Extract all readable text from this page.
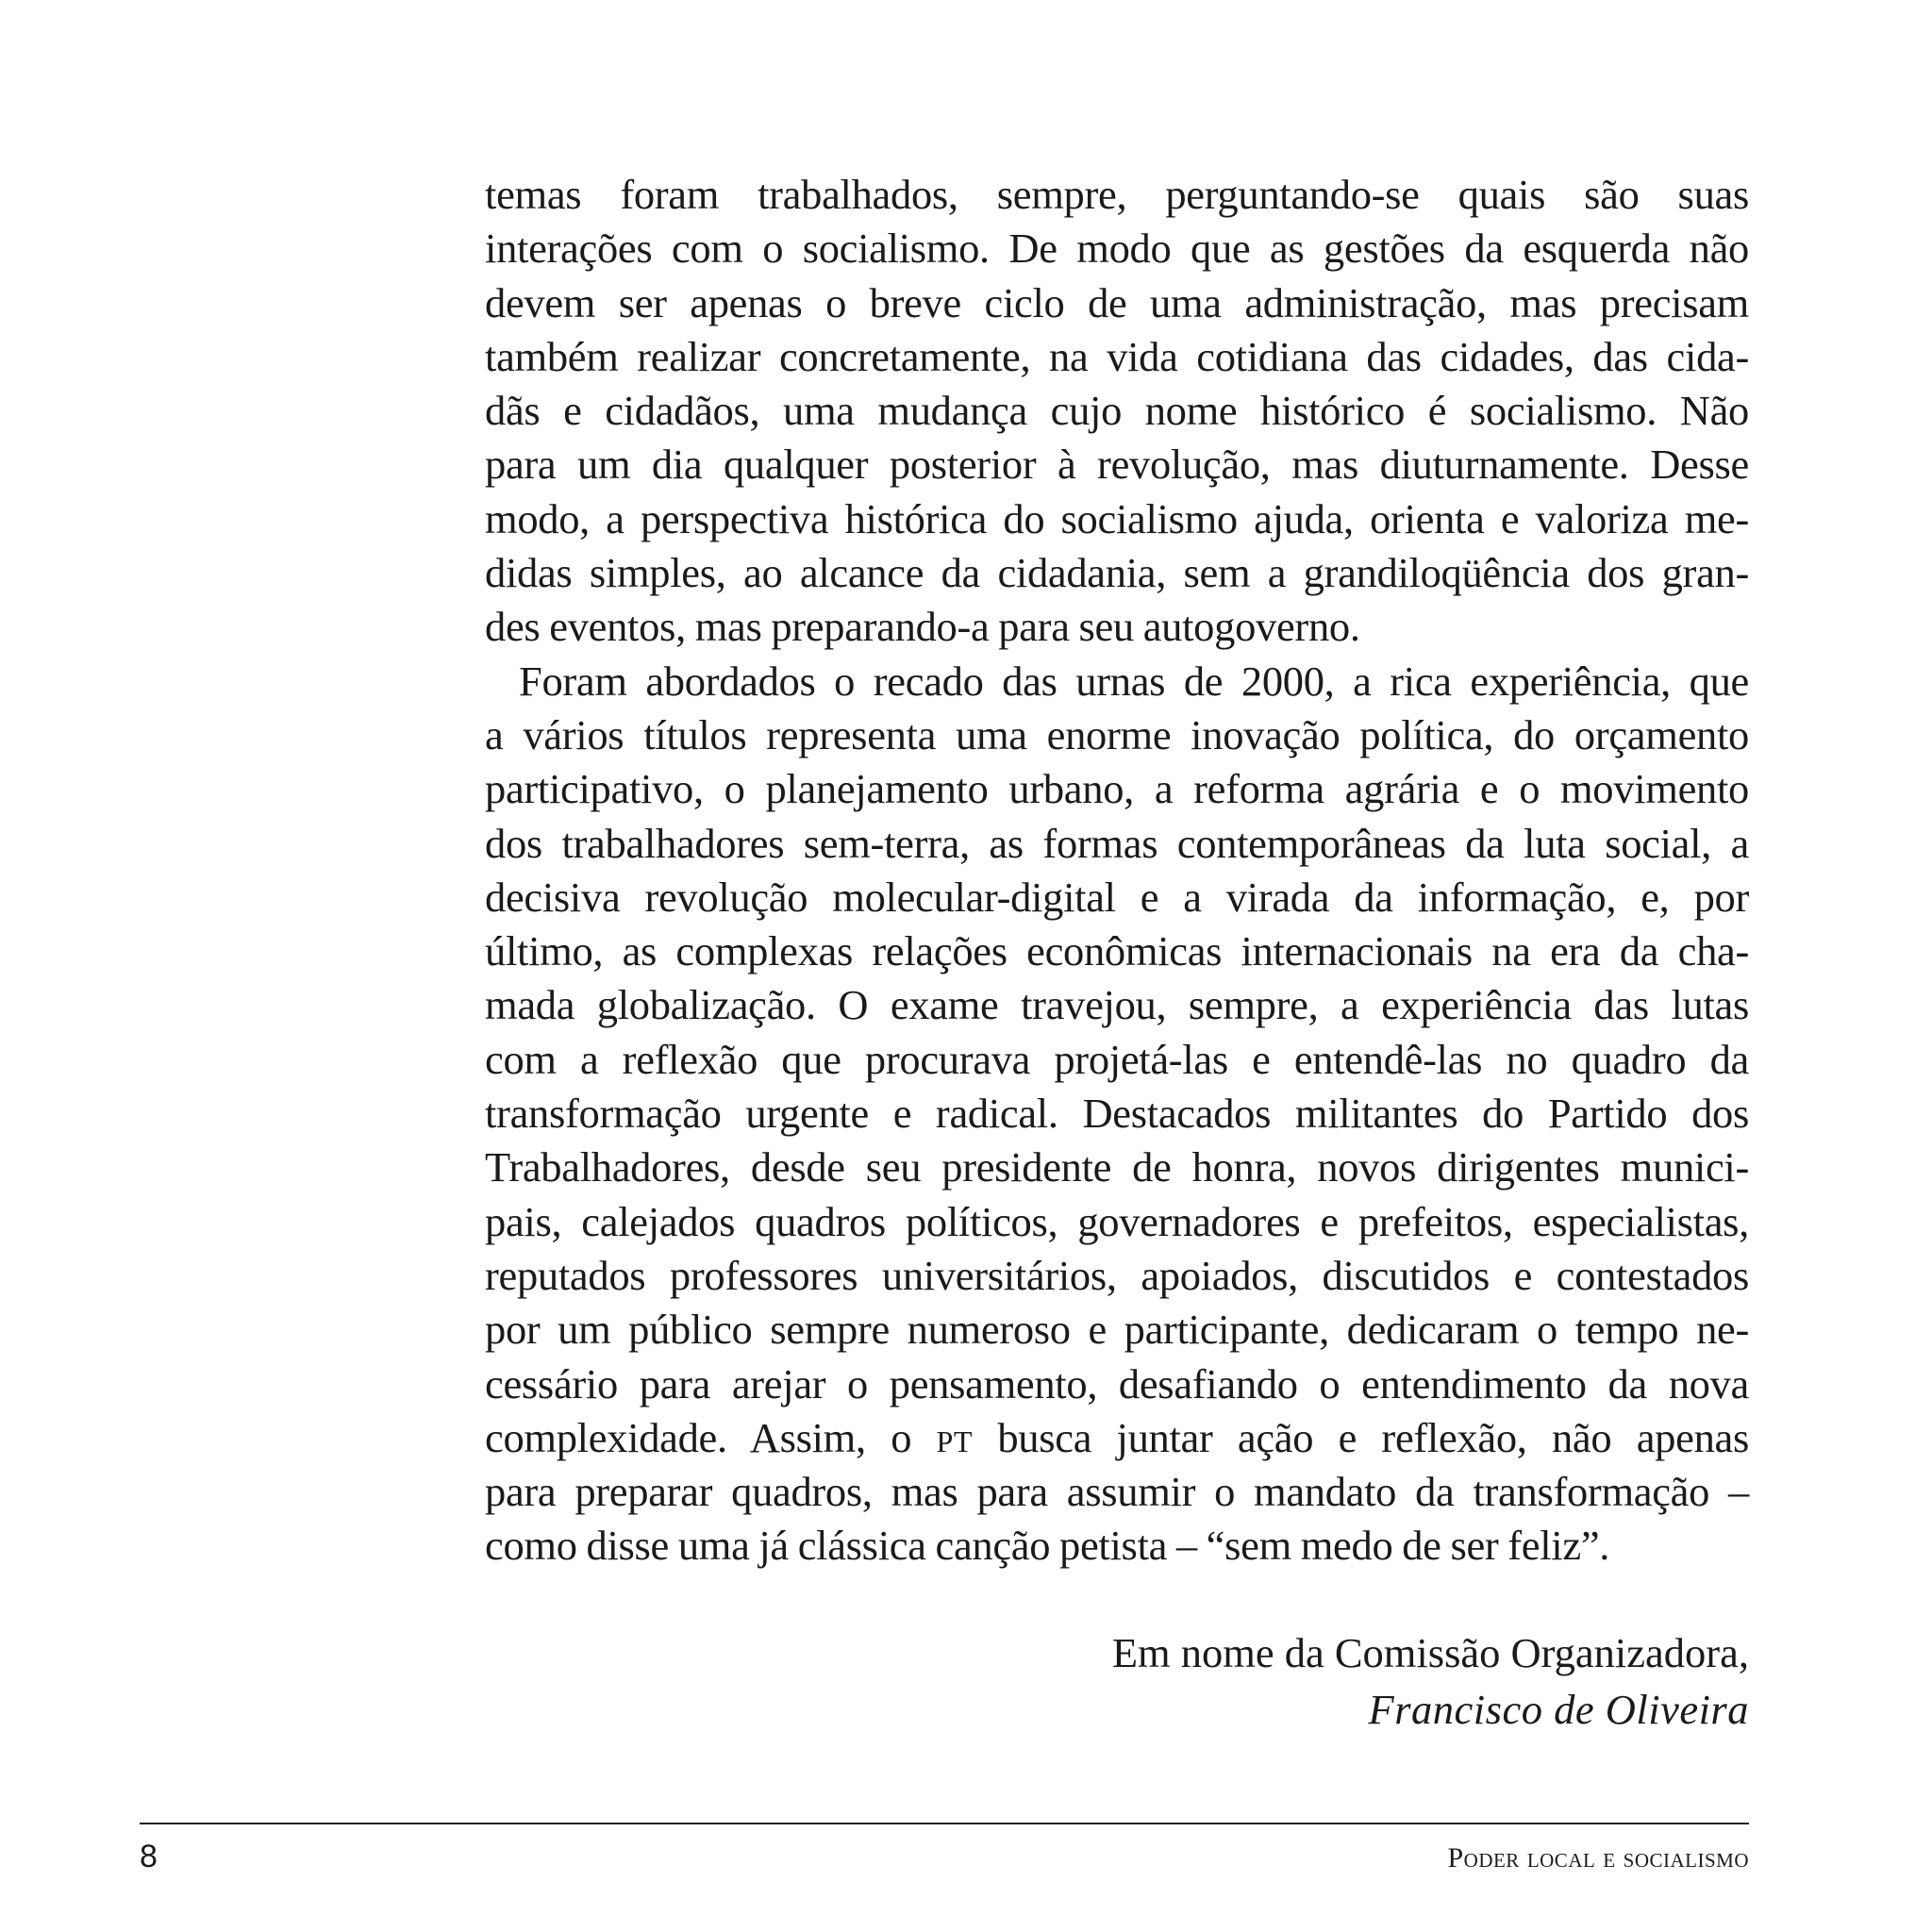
temas foram trabalhados, sempre, perguntando-se quais são suas
interações com o socialismo. De modo que as gestões da esquerda não
devem ser apenas o breve ciclo de uma administração, mas precisam
também realizar concretamente, na vida cotidiana das cidades, das cida-
dãs e cidadãos, uma mudança cujo nome histórico é socialismo. Não
para um dia qualquer posterior à revolução, mas diuturnamente. Desse
modo, a perspectiva histórica do socialismo ajuda, orienta e valoriza me-
didas simples, ao alcance da cidadania, sem a grandiloqüência dos gran-
des eventos, mas preparando-a para seu autogoverno.
Foram abordados o recado das urnas de 2000, a rica experiência, que
a vários títulos representa uma enorme inovação política, do orçamento
participativo, o planejamento urbano, a reforma agrária e o movimento
dos trabalhadores sem-terra, as formas contemporâneas da luta social, a
decisiva revolução molecular-digital e a virada da informação, e, por
último, as complexas relações econômicas internacionais na era da cha-
mada globalização. O exame travejou, sempre, a experiência das lutas
com a reflexão que procurava projetá-las e entendê-las no quadro da
transformação urgente e radical. Destacados militantes do Partido dos
Trabalhadores, desde seu presidente de honra, novos dirigentes munici-
pais, calejados quadros políticos, governadores e prefeitos, especialistas,
reputados professores universitários, apoiados, discutidos e contestados
por um público sempre numeroso e participante, dedicaram o tempo ne-
cessário para arejar o pensamento, desafiando o entendimento da nova
complexidade. Assim, o PT busca juntar ação e reflexão, não apenas
para preparar quadros, mas para assumir o mandato da transformação –
como disse uma já clássica canção petista – “sem medo de ser feliz”.
Em nome da Comissão Organizadora,
Francisco de Oliveira
8	Poder local e socialismo
